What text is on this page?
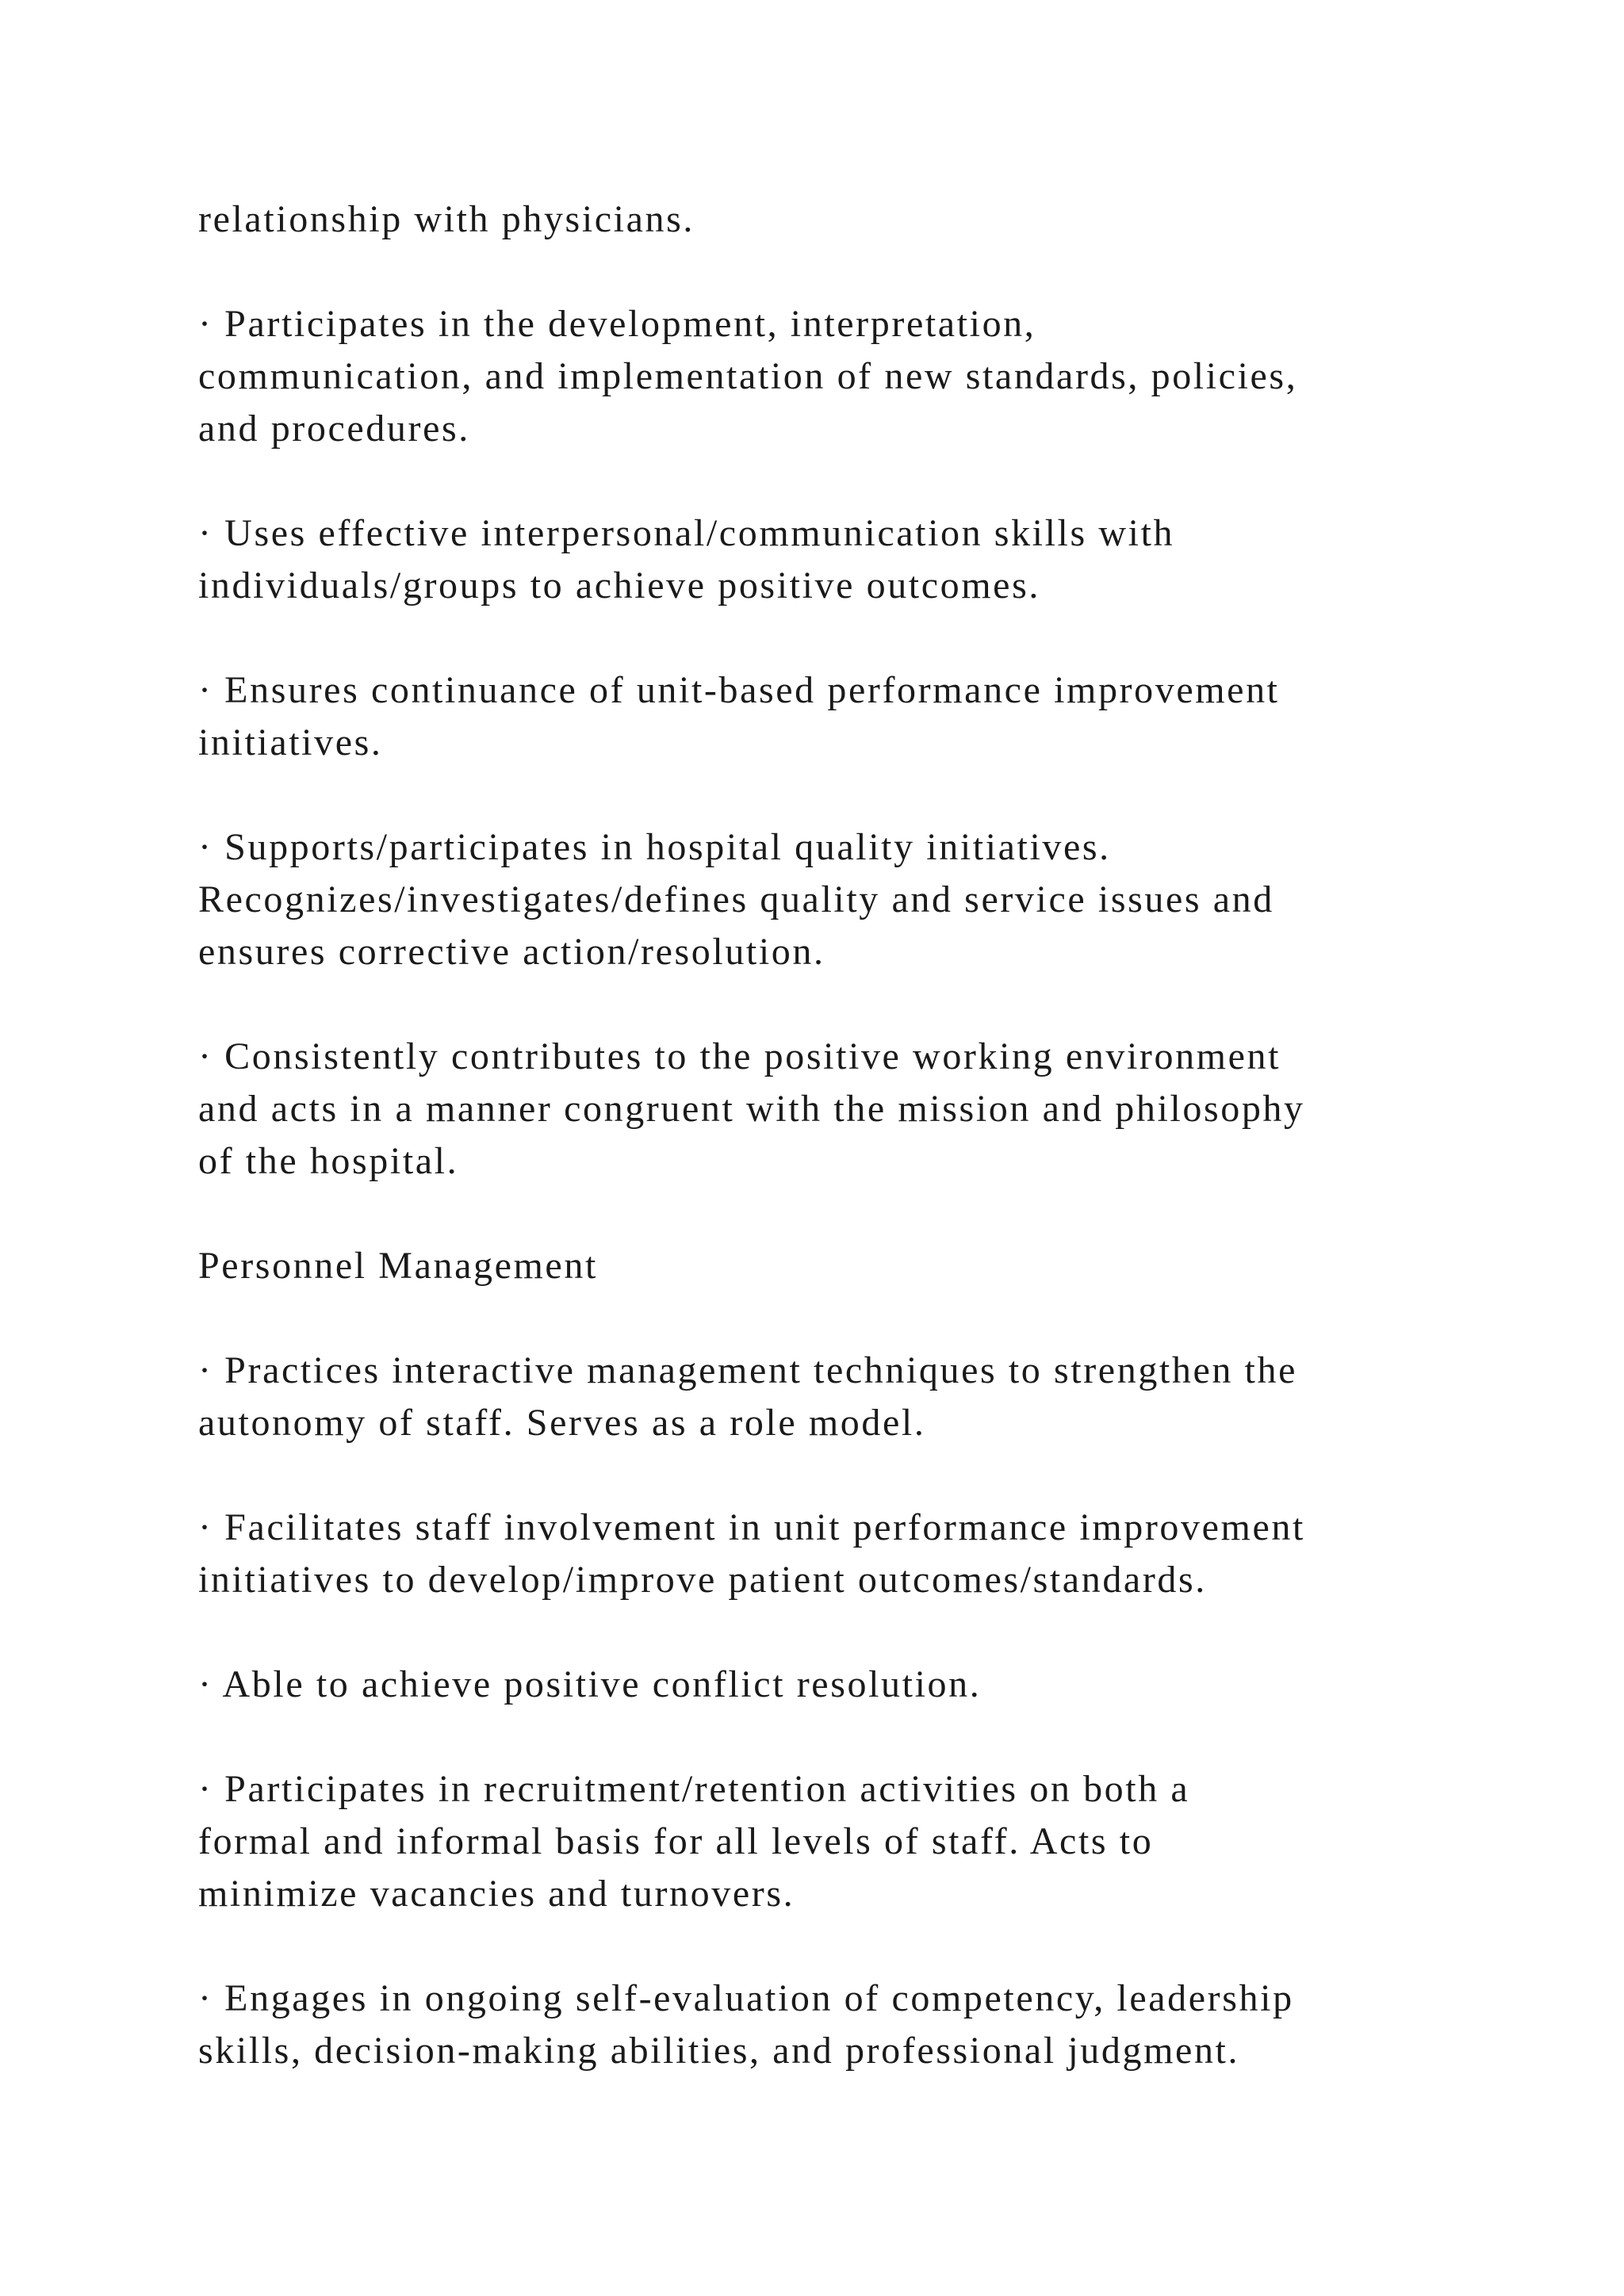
relationship with physicians.

· Participates in the development, interpretation,
communication, and implementation of new standards, policies,
and procedures.

· Uses effective interpersonal/communication skills with
individuals/groups to achieve positive outcomes.

· Ensures continuance of unit-based performance improvement
initiatives.

· Supports/participates in hospital quality initiatives.
Recognizes/investigates/defines quality and service issues and
ensures corrective action/resolution.

· Consistently contributes to the positive working environment
and acts in a manner congruent with the mission and philosophy
of the hospital.

Personnel Management

· Practices interactive management techniques to strengthen the
autonomy of staff. Serves as a role model.

· Facilitates staff involvement in unit performance improvement
initiatives to develop/improve patient outcomes/standards.

· Able to achieve positive conflict resolution.

· Participates in recruitment/retention activities on both a
formal and informal basis for all levels of staff. Acts to
minimize vacancies and turnovers.

· Engages in ongoing self-evaluation of competency, leadership
skills, decision-making abilities, and professional judgment.
